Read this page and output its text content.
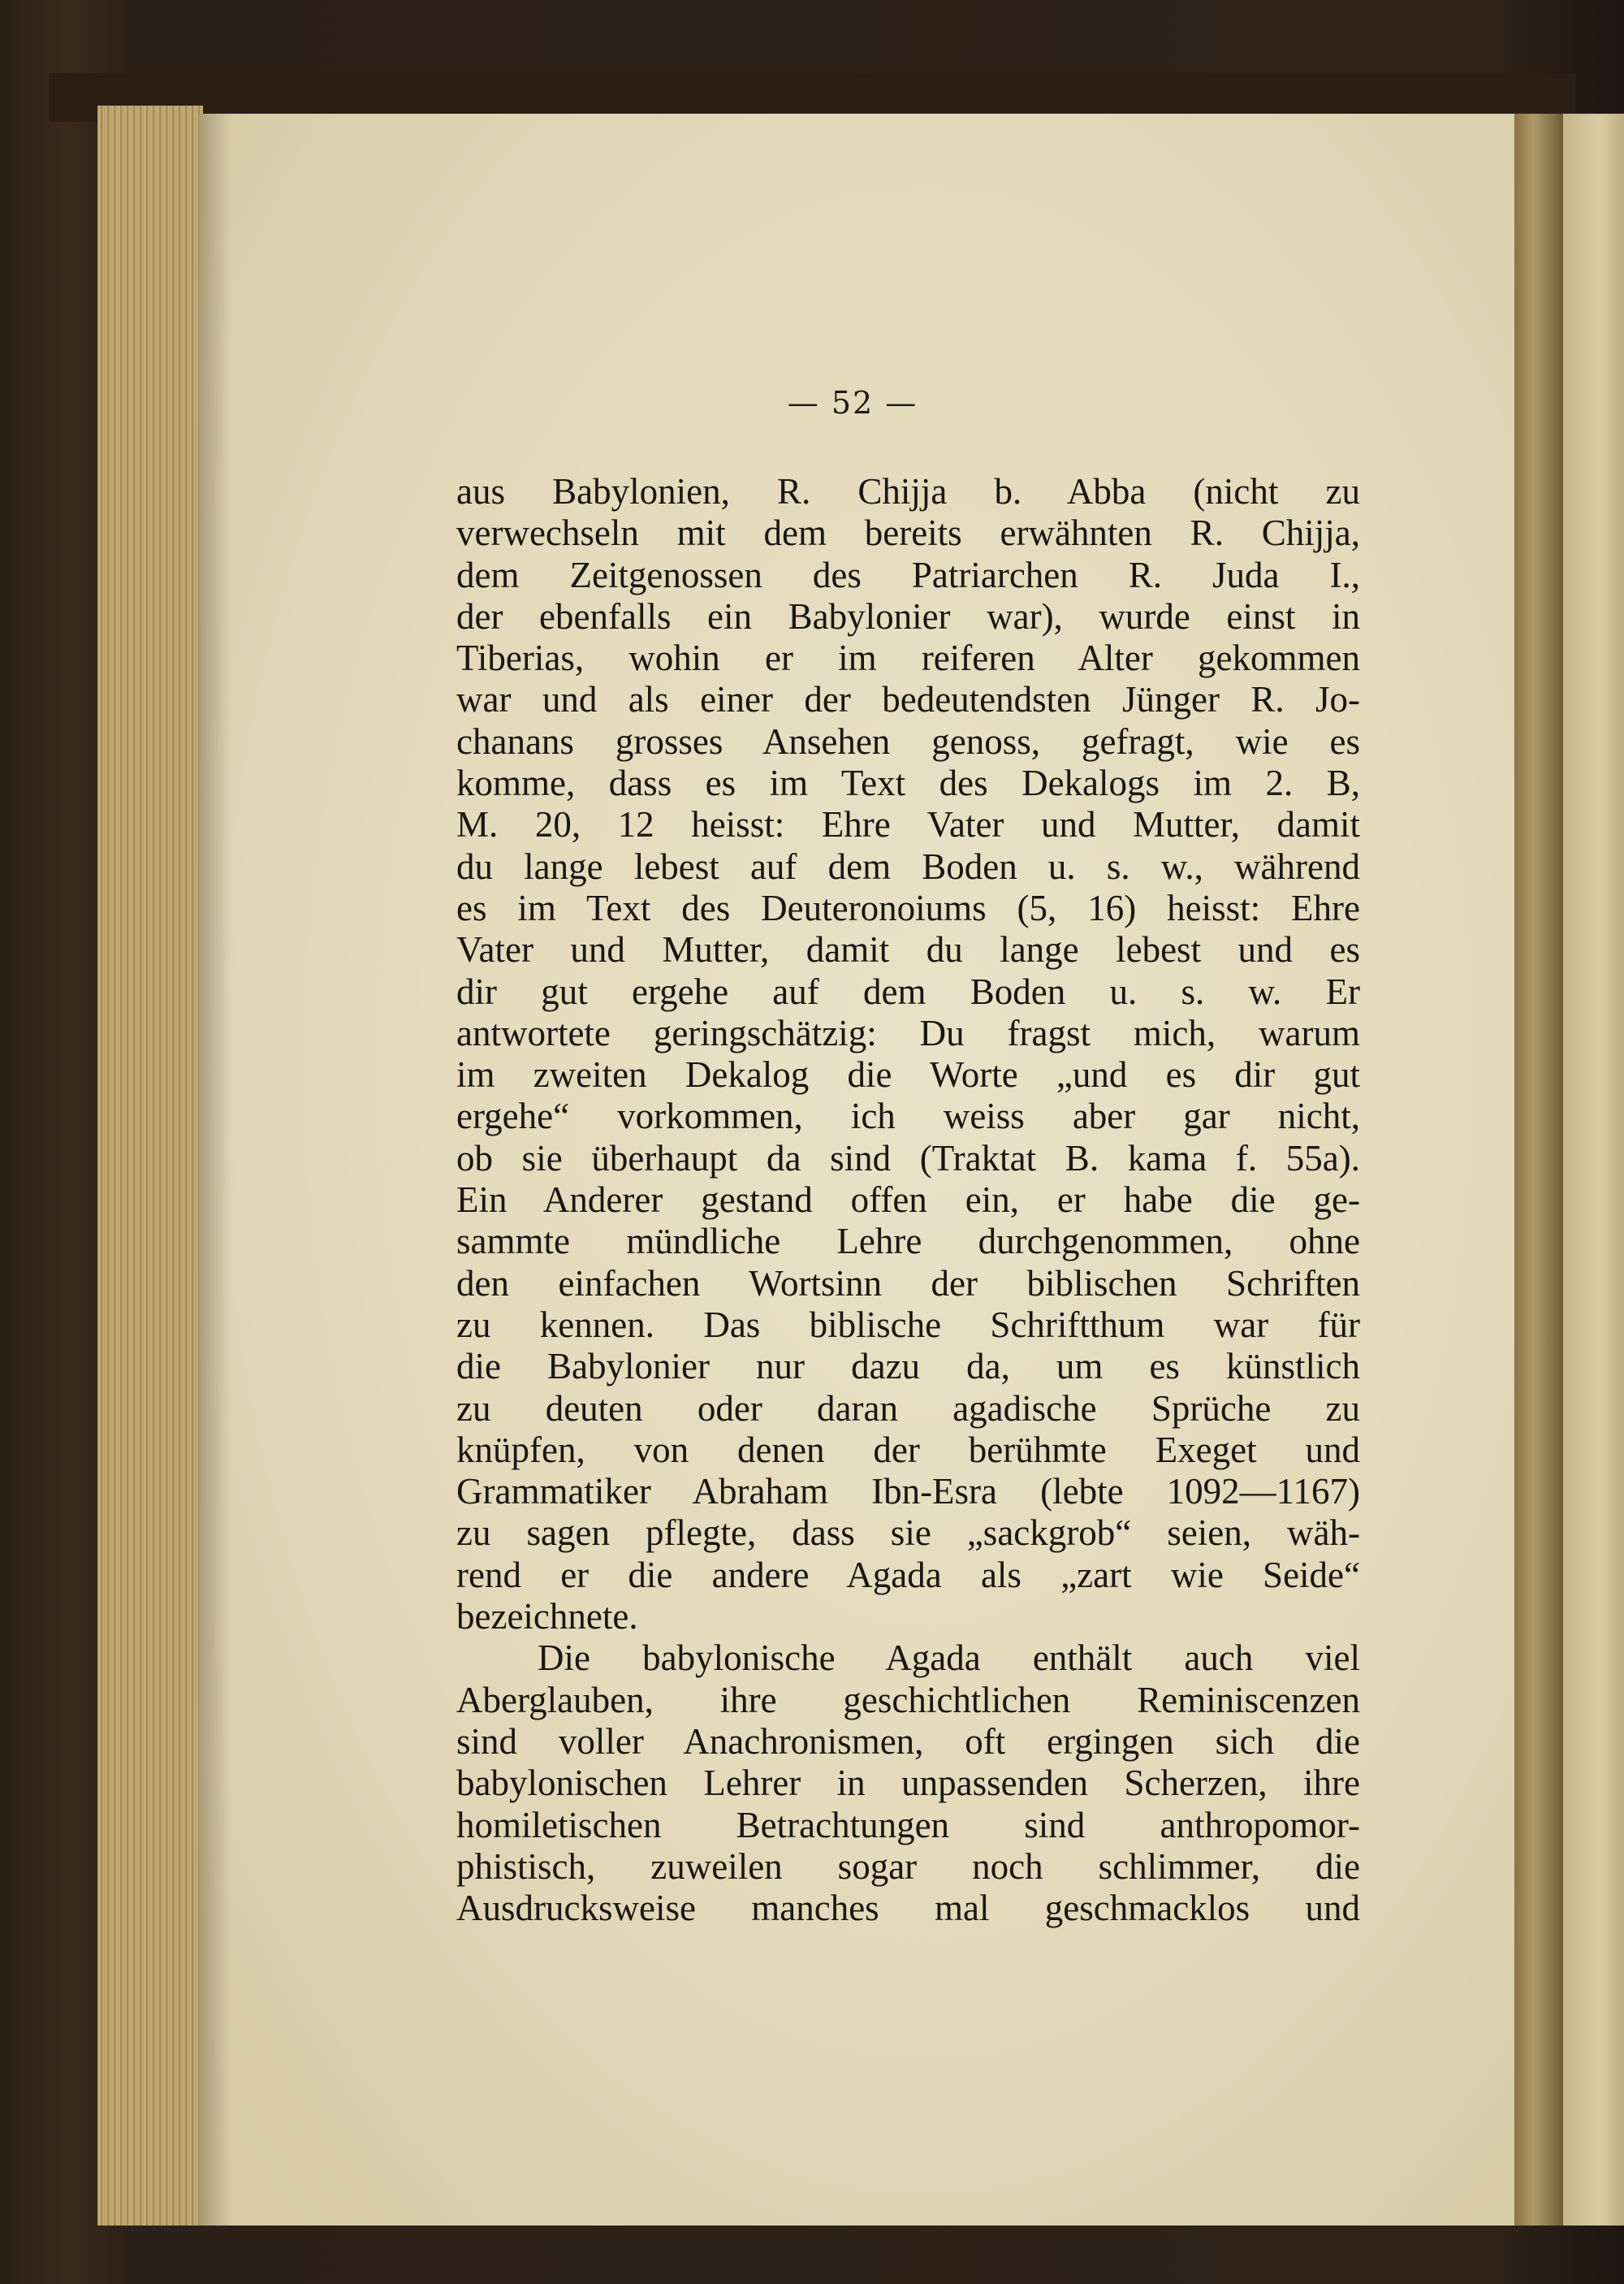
— 52 —
aus Babylonien, R. Chijja b. Abba (nicht zu
verwechseln mit dem bereits erwähnten R. Chijja,
dem Zeitgenossen des Patriarchen R. Juda I.,
der ebenfalls ein Babylonier war), wurde einst in
Tiberias, wohin er im reiferen Alter gekommen
war und als einer der bedeutendsten Jünger R. Jo-
chanans grosses Ansehen genoss, gefragt, wie es
komme, dass es im Text des Dekalogs im 2. B,
M. 20, 12 heisst: Ehre Vater und Mutter, damit
du lange lebest auf dem Boden u. s. w., während
es im Text des Deuteronoiums (5, 16) heisst: Ehre
Vater und Mutter, damit du lange lebest und es
dir gut ergehe auf dem Boden u. s. w. Er
antwortete geringschätzig: Du fragst mich, warum
im zweiten Dekalog die Worte „und es dir gut
ergehe“ vorkommen, ich weiss aber gar nicht,
ob sie überhaupt da sind (Traktat B. kama f. 55a).
Ein Anderer gestand offen ein, er habe die ge-
sammte mündliche Lehre durchgenommen, ohne
den einfachen Wortsinn der biblischen Schriften
zu kennen. Das biblische Schriftthum war für
die Babylonier nur dazu da, um es künstlich
zu deuten oder daran agadische Sprüche zu
knüpfen, von denen der berühmte Exeget und
Grammatiker Abraham Ibn-Esra (lebte 1092—1167)
zu sagen pflegte, dass sie „sackgrob“ seien, wäh-
rend er die andere Agada als „zart wie Seide“
bezeichnete.
Die babylonische Agada enthält auch viel
Aberglauben, ihre geschichtlichen Reminiscenzen
sind voller Anachronismen, oft ergingen sich die
babylonischen Lehrer in unpassenden Scherzen, ihre
homiletischen Betrachtungen sind anthropomor-
phistisch, zuweilen sogar noch schlimmer, die
Ausdrucksweise manches mal geschmacklos und
